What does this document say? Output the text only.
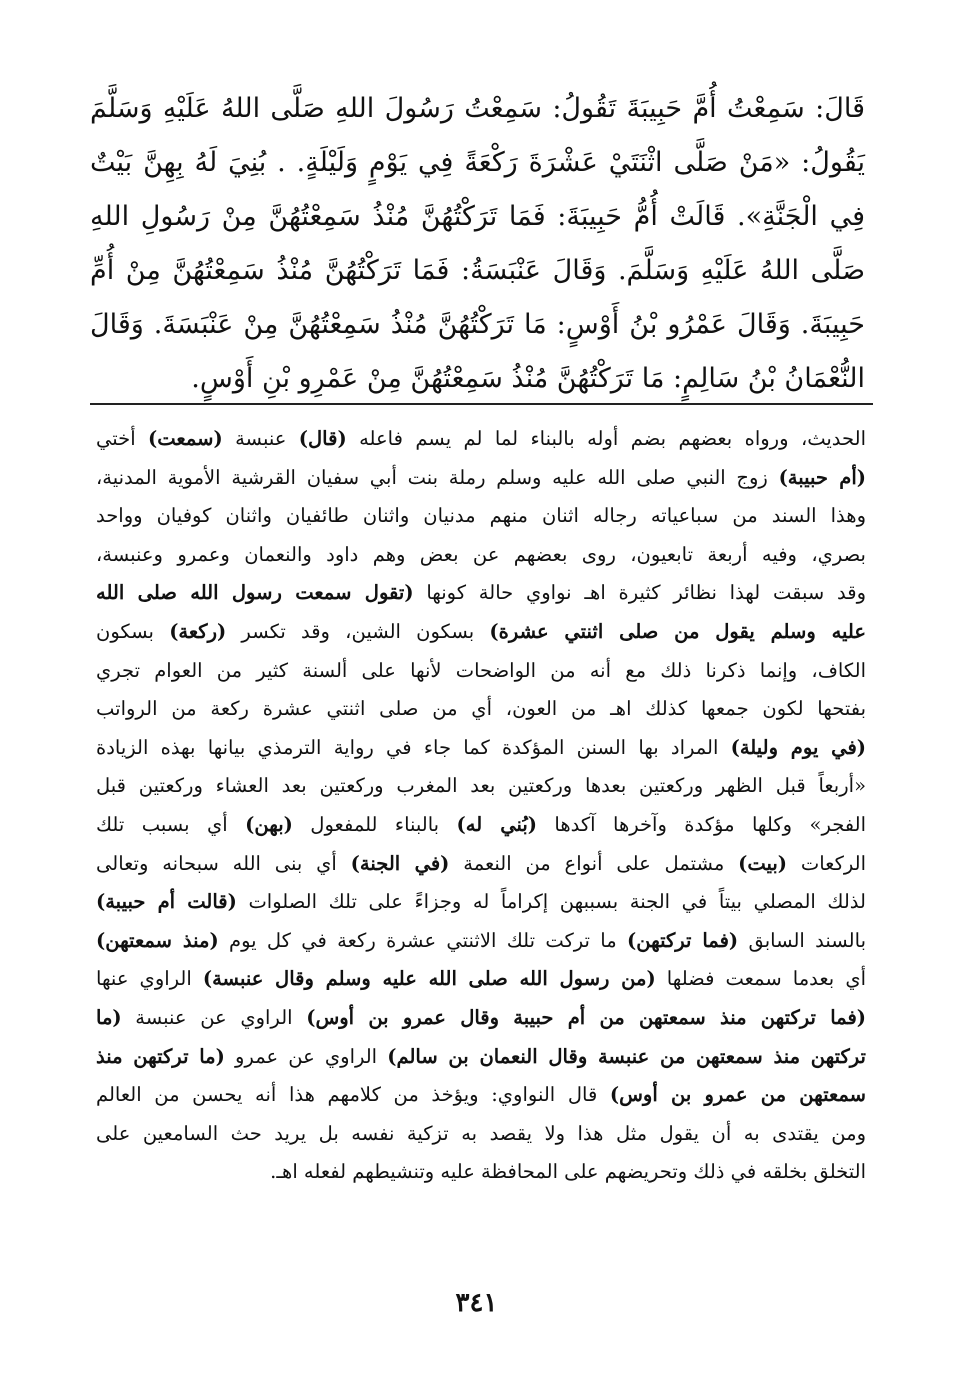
قَالَ: سَمِعْتُ أُمَّ حَبِيبَةَ تَقُولُ: سَمِعْتُ رَسُولَ اللهِ صَلَّى اللهُ عَلَيْهِ وَسَلَّمَ يَقُولُ: «مَنْ صَلَّى اثْنَتَيْ عَشْرَةَ رَكْعَةً فِي يَوْمٍ وَلَيْلَةٍ. . بُنِيَ لَهُ بِهِنَّ بَيْتٌ فِي الْجَنَّةِ». قَالَتْ أُمُّ حَبِيبَةَ: فَمَا تَرَكْتُهُنَّ مُنْذُ سَمِعْتُهُنَّ مِنْ رَسُولِ اللهِ صَلَّى اللهُ عَلَيْهِ وَسَلَّمَ. وَقَالَ عَنْبَسَةُ: فَمَا تَرَكْتُهُنَّ مُنْذُ سَمِعْتُهُنَّ مِنْ أُمِّ حَبِيبَةَ. وَقَالَ عَمْرُو بْنُ أَوْسٍ: مَا تَرَكْتُهُنَّ مُنْذُ سَمِعْتُهُنَّ مِنْ عَنْبَسَةَ. وَقَالَ النُّعْمَانُ بْنُ سَالِمٍ: مَا تَرَكْتُهُنَّ مُنْذُ سَمِعْتُهُنَّ مِنْ عَمْرِو بْنِ أَوْسٍ.

الحديث، ورواه بعضهم بضم أوله بالبناء لما لم يسم فاعله (قال) عنبسة (سمعت) أختي
(أم حبيبة) زوج النبي صلى الله عليه وسلم رملة بنت أبي سفيان القرشية الأموية المدنية،
وهذا السند من سباعياته رجاله اثنان منهم مدنيان واثنان طائفيان واثنان كوفيان وواحد
بصري، وفيه أربعة تابعيون، روى بعضهم عن بعض وهم داود والنعمان وعمرو وعنبسة،
وقد سبقت لهذا نظائر كثيرة اهـ نواوي حالة كونها (تقول سمعت رسول الله صلى الله
عليه وسلم يقول من صلى اثنتي عشرة) بسكون الشين، وقد تكسر (ركعة) بسكون
الكاف، وإنما ذكرنا ذلك مع أنه من الواضحات لأنها على ألسنة كثير من العوام تجري
بفتحها لكون جمعها كذلك اهـ من العون، أي من صلى اثنتي عشرة ركعة من الرواتب
(في يوم وليلة) المراد بها السنن المؤكدة كما جاء في رواية الترمذي بيانها بهذه الزيادة
«أربعاً قبل الظهر وركعتين بعدها وركعتين بعد المغرب وركعتين بعد العشاء وركعتين قبل
الفجر» وكلها مؤكدة وآخرها آكدها (بُني له) بالبناء للمفعول (بهن) أي بسبب تلك
الركعات (بيت) مشتمل على أنواع من النعمة (في الجنة) أي بنى الله سبحانه وتعالى
لذلك المصلي بيتاً في الجنة بسببهن إكراماً له وجزاءً على تلك الصلوات (قالت أم حبيبة)
بالسند السابق (فما تركتهن) ما تركت تلك الاثنتي عشرة ركعة في كل يوم (منذ سمعتهن)
أي بعدما سمعت فضلها (من رسول الله صلى الله عليه وسلم وقال عنبسة) الراوي عنها
(فما تركتهن منذ سمعتهن من أم حبيبة وقال عمرو بن أوس) الراوي عن عنبسة (ما
تركتهن منذ سمعتهن من عنبسة وقال النعمان بن سالم) الراوي عن عمرو (ما تركتهن منذ
سمعتهن من عمرو بن أوس) قال النواوي: ويؤخذ من كلامهم هذا أنه يحسن من العالم
ومن يقتدى به أن يقول مثل هذا ولا يقصد به تزكية نفسه بل يريد حث السامعين على
التخلق بخلقه في ذلك وتحريضهم على المحافظة عليه وتنشيطهم لفعله اهـ.
٣٤١
